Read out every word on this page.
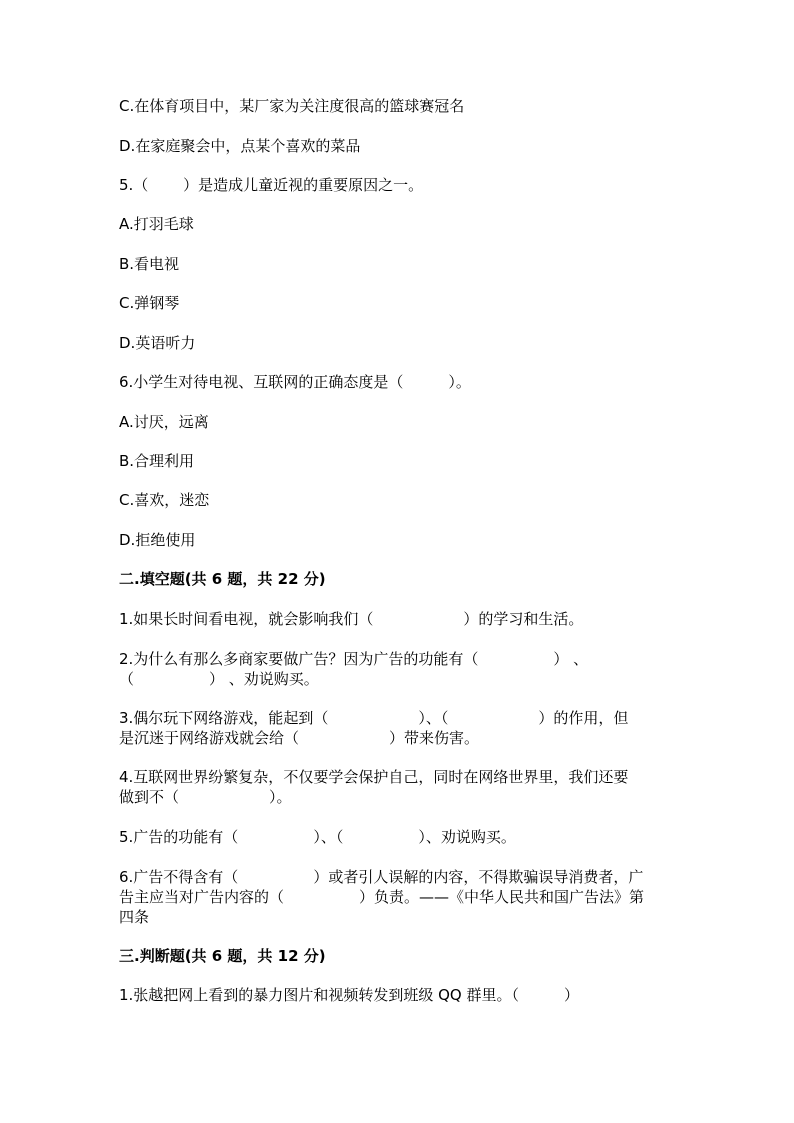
C.在体育项目中，某厂家为关注度很高的篮球赛冠名
D.在家庭聚会中，点某个喜欢的菜品
5.（　　 ）是造成儿童近视的重要原因之一。
A.打羽毛球
B.看电视
C.弹钢琴
D.英语听力
6.小学生对待电视、互联网的正确态度是（　　　）。
A.讨厌，远离
B.合理利用
C.喜欢，迷恋
D.拒绝使用
二.填空题(共 6 题，共 22 分)
1.如果长时间看电视，就会影响我们（　　　　　　）的学习和生活。
2.为什么有那么多商家要做广告？因为广告的功能有（　　　　　） 、
（　　　　　） 、劝说购买。
3.偶尔玩下网络游戏，能起到（　　　　　　）、（　　　　　　）的作用，但
是沉迷于网络游戏就会给（　　　　　　）带来伤害。
4.互联网世界纷繁复杂，不仅要学会保护自己，同时在网络世界里，我们还要
做到不（　　　　　　）。
5.广告的功能有（　　　　　）、（　　　　　）、劝说购买。
6.广告不得含有（　　　　　）或者引人误解的内容，不得欺骗误导消费者，广
告主应当对广告内容的（　　　　　）负责。——《中华人民共和国广告法》第
四条
三.判断题(共 6 题，共 12 分)
1.张越把网上看到的暴力图片和视频转发到班级 QQ 群里。（　　　）
